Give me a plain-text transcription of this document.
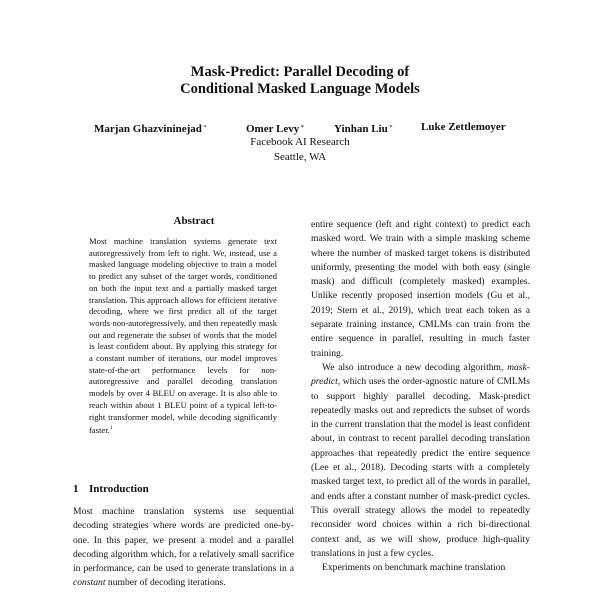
Mask-Predict: Parallel Decoding of
Conditional Masked Language Models
Marjan Ghazvininejad∗	Omer Levy∗	Yinhan Liu∗	Luke Zettlemoyer
Facebook AI Research
Seattle, WA
Abstract

Most machine translation systems generate text autoregressively from left to right. We, instead, use a masked language modeling objective to train a model to predict any subset of the target words, conditioned on both the input text and a partially masked target translation. This approach allows for efficient iterative decoding, where we first predict all of the target words non-autoregressively, and then repeatedly mask out and regenerate the subset of words that the model is least confident about. By applying this strategy for a constant number of iterations, our model improves state-of-the-art performance levels for non-autoregressive and parallel decoding translation models by over 4 BLEU on average. It is also able to reach within about 1 BLEU point of a typical left-to-right transformer model, while decoding significantly faster.$^1$

1 Introduction

Most machine translation systems use sequential decoding strategies where words are predicted one-by-one. In this paper, we present a model and a parallel decoding algorithm which, for a relatively small sacrifice in performance, can be used to generate translations in a constant number of decoding iterations.

entire sequence (left and right context) to predict each masked word. We train with a simple masking scheme where the number of masked target tokens is distributed uniformly, presenting the model with both easy (single mask) and difficult (completely masked) examples. Unlike recently proposed insertion models (Gu et al., 2019; Stern et al., 2019), which treat each token as a separate training instance, CMLMs can train from the entire sequence in parallel, resulting in much faster training.

We also introduce a new decoding algorithm, mask-predict, which uses the order-agnostic nature of CMLMs to support highly parallel decoding. Mask-predict repeatedly masks out and repredicts the subset of words in the current translation that the model is least confident about, in contrast to recent parallel decoding translation approaches that repeatedly predict the entire sequence (Lee et al., 2018). Decoding starts with a completely masked target text, to predict all of the words in parallel, and ends after a constant number of mask-predict cycles. This overall strategy allows the model to repeatedly reconsider word choices within a rich bi-directional context and, as we will show, produce high-quality translations in just a few cycles.

Experiments on benchmark machine translation
